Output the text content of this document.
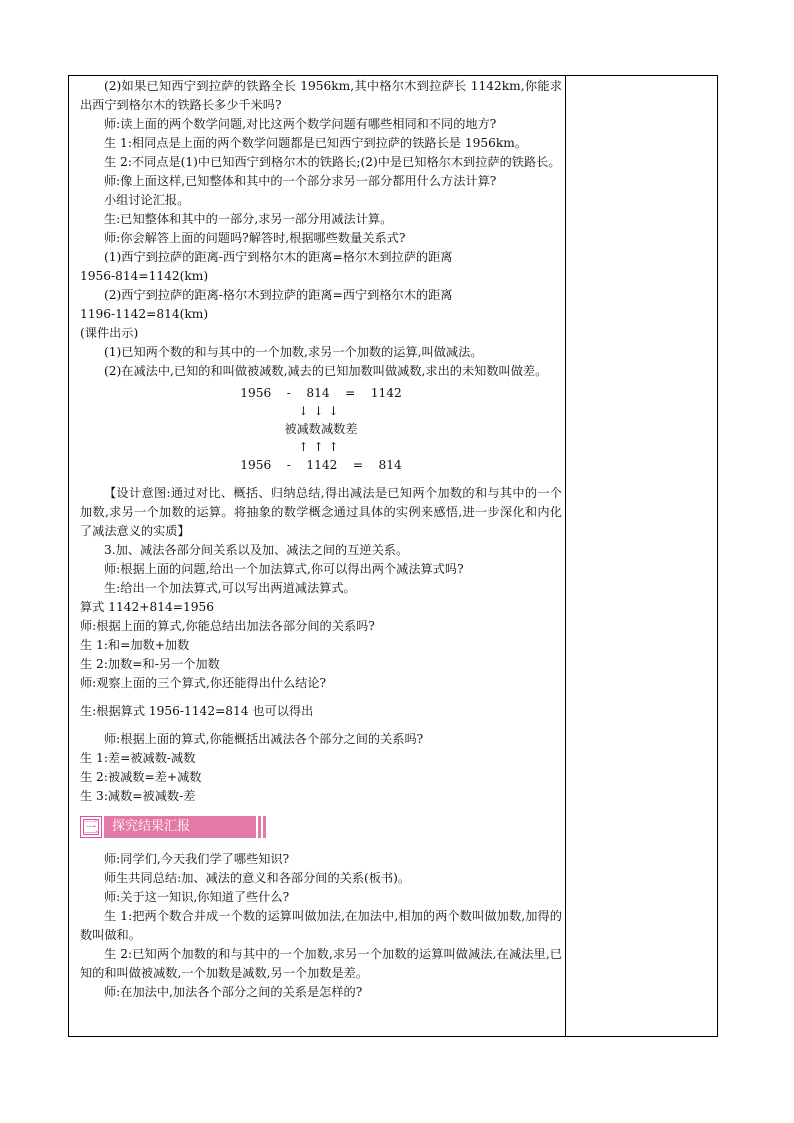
(2)如果已知西宁到拉萨的铁路全长 1956km,其中格尔木到拉萨长 1142km,你能求出西宁到格尔木的铁路长多少千米吗?

师:读上面的两个数学问题,对比这两个数学问题有哪些相同和不同的地方?

生 1:相同点是上面的两个数学问题都是已知西宁到拉萨的铁路长是 1956km。

生 2:不同点是(1)中已知西宁到格尔木的铁路长;(2)中是已知格尔木到拉萨的铁路长。

师:像上面这样,已知整体和其中的一个部分求另一部分都用什么方法计算?

小组讨论汇报。

生:已知整体和其中的一部分,求另一部分用减法计算。

师:你会解答上面的问题吗?解答时,根据哪些数量关系式?

(1)西宁到拉萨的距离-西宁到格尔木的距离=格尔木到拉萨的距离

1956-814=1142(km)

(2)西宁到拉萨的距离-格尔木到拉萨的距离=西宁到格尔木的距离

1196-1142=814(km)

(课件出示)

(1)已知两个数的和与其中的一个加数,求另一个加数的运算,叫做减法。

(2)在减法中,已知的和叫做被减数,减去的已知加数叫做减数,求出的未知数叫做差。

1956    -    814    =    1142

↓↓↓

被减数减数差

↑↑↑

1956    -    1142    =    814

【设计意图:通过对比、概括、归纳总结,得出减法是已知两个加数的和与其中的一个加数,求另一个加数的运算。将抽象的数学概念通过具体的实例来感悟,进一步深化和内化了减法意义的实质】

3.加、减法各部分间关系以及加、减法之间的互逆关系。

师:根据上面的问题,给出一个加法算式,你可以得出两个减法算式吗?

生:给出一个加法算式,可以写出两道减法算式。

算式 1142+814=1956

师:根据上面的算式,你能总结出加法各部分间的关系吗?

生 1:和=加数+加数

生 2:加数=和-另一个加数

师:观察上面的三个算式,你还能得出什么结论?

生:根据算式 1956-1142=814 也可以得出

师:根据上面的算式,你能概括出减法各个部分之间的关系吗?

生 1:差=被减数-减数

生 2:被减数=差+减数

生 3:减数=被减数-差

三	探究结果汇报

师:同学们,今天我们学了哪些知识?

师生共同总结:加、减法的意义和各部分间的关系(板书)。

师:关于这一知识,你知道了些什么?

生 1:把两个数合并成一个数的运算叫做加法,在加法中,相加的两个数叫做加数,加得的数叫做和。

生 2:已知两个加数的和与其中的一个加数,求另一个加数的运算叫做减法,在减法里,已知的和叫做被减数,一个加数是减数,另一个加数是差。

师:在加法中,加法各个部分之间的关系是怎样的?
